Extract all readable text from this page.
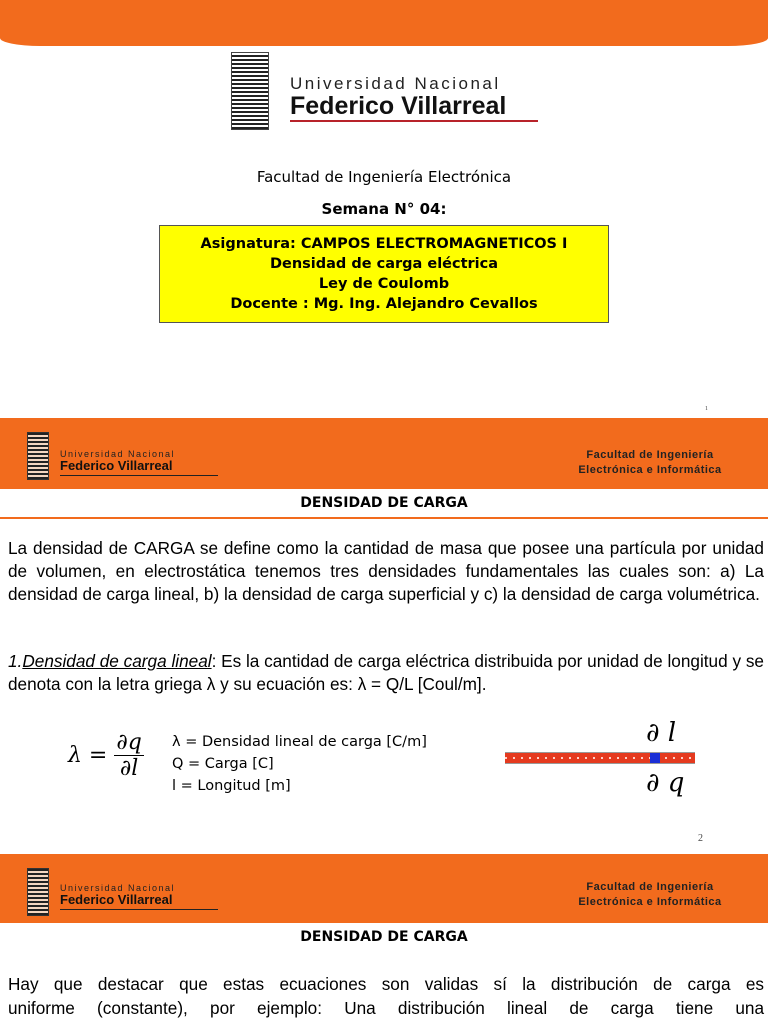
Universidad Nacional
Federico Villarreal
Facultad de Ingeniería Electrónica
Semana N° 04:
Asignatura: CAMPOS ELECTROMAGNETICOS I
Densidad de carga eléctrica
Ley de Coulomb
Docente : Mg. Ing. Alejandro Cevallos
1
Universidad Nacional
Federico Villarreal
Facultad de Ingeniería
Electrónica e Informática
DENSIDAD DE CARGA
La densidad de CARGA se define como la cantidad de masa que posee una partícula por unidad de volumen, en electrostática tenemos tres densidades fundamentales las cuales son: a) La densidad de carga lineal, b) la densidad de carga superficial y c) la densidad de carga volumétrica.
1.Densidad de carga lineal: Es la cantidad de carga eléctrica distribuida por unidad de longitud y se denota con la letra griega λ y su ecuación es: λ = Q/L [Coul/m].
$\lambda = \frac{\partial q}{\partial l}$ λ = Densidad lineal de carga [C/m]
Q = Carga [C]
l = Longitud [m]
∂ l
∂ q
2
Universidad Nacional
Federico Villarreal
Facultad de Ingeniería
Electrónica e Informática
DENSIDAD DE CARGA
Hay que destacar que estas ecuaciones son validas sí la distribución de carga es
uniforme (constante), por ejemplo: Una distribución lineal de carga tiene una
